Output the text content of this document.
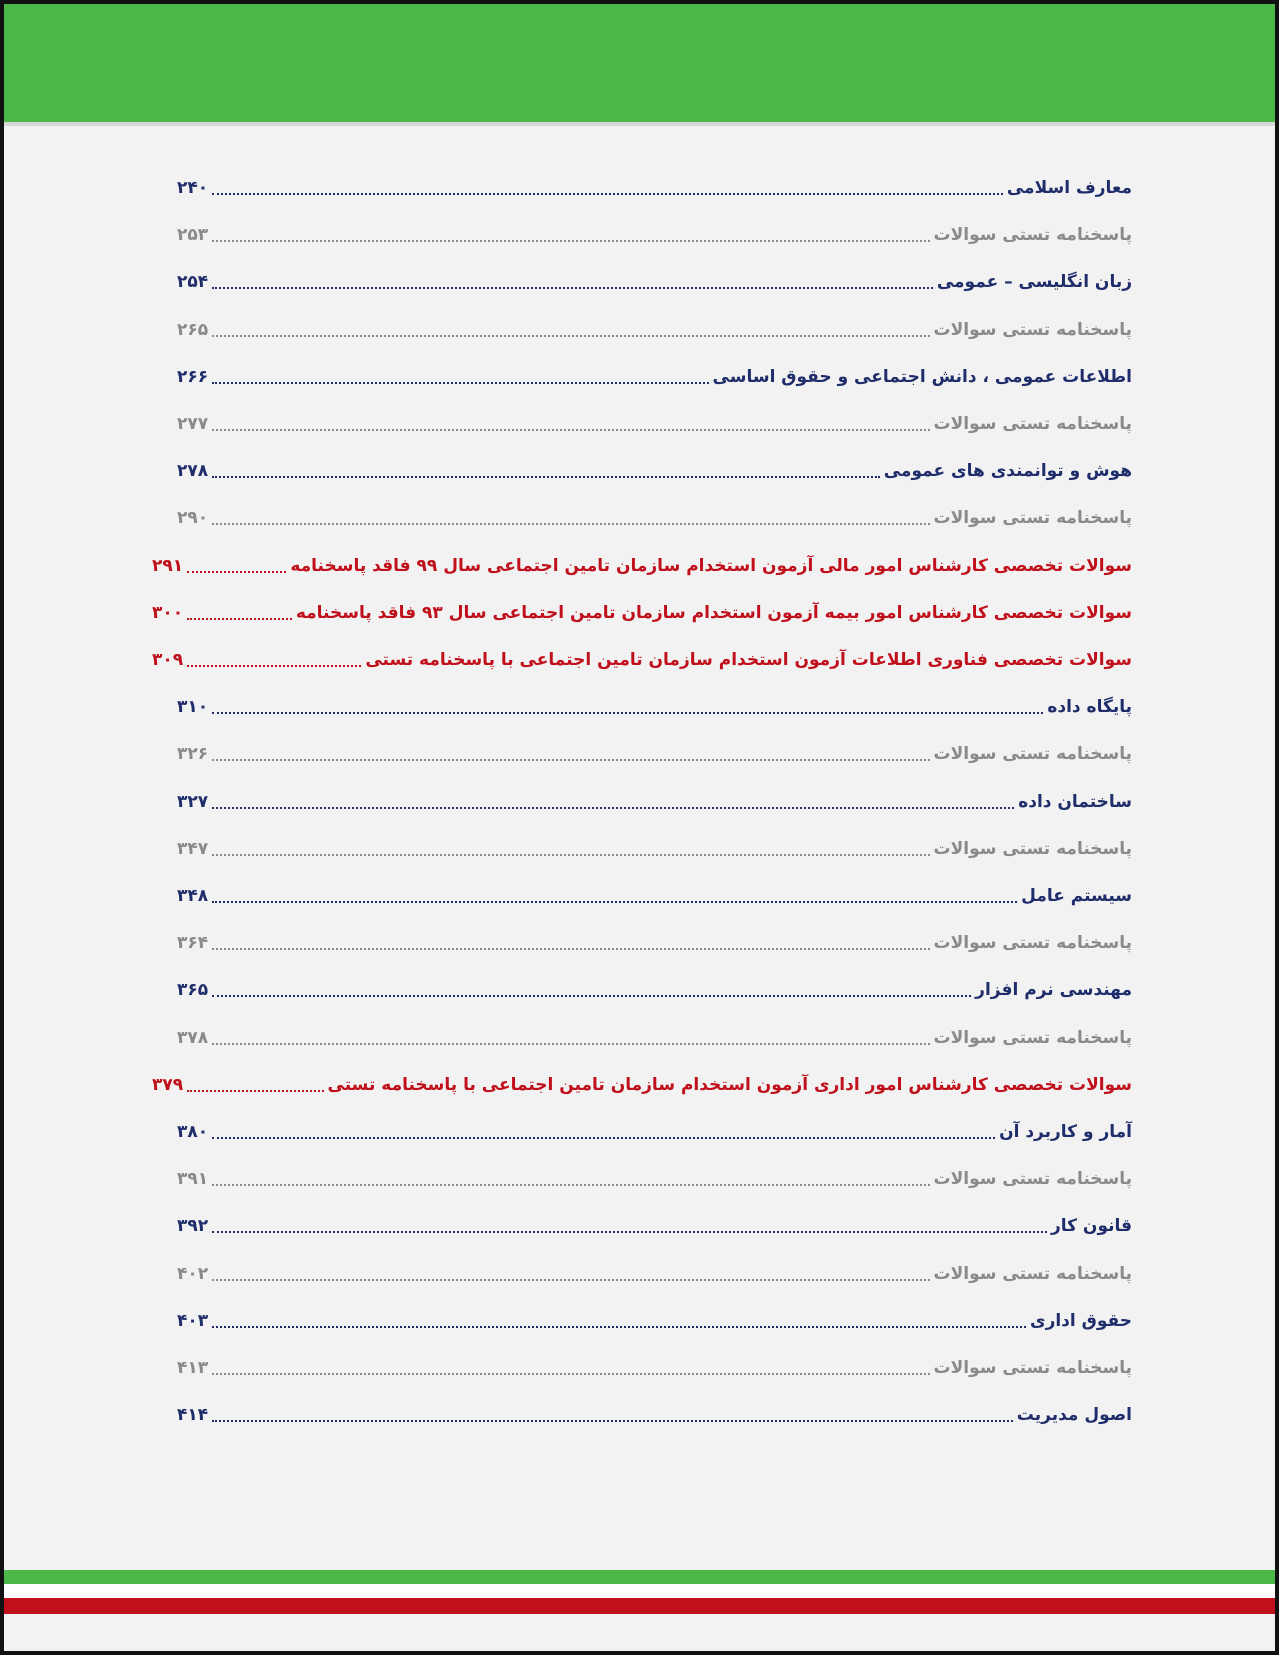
معارف اسلامی
۲۴۰
پاسخنامه تستی سوالات
۲۵۳
زبان انگلیسی – عمومی
۲۵۴
پاسخنامه تستی سوالات
۲۶۵
اطلاعات عمومی ، دانش اجتماعی و حقوق اساسی
۲۶۶
پاسخنامه تستی سوالات
۲۷۷
هوش و توانمندی های عمومی
۲۷۸
پاسخنامه تستی سوالات
۲۹۰
سوالات تخصصی کارشناس امور مالی آزمون استخدام سازمان تامین اجتماعی سال ۹۹ فاقد پاسخنامه
۲۹۱
سوالات تخصصی کارشناس امور بیمه آزمون استخدام سازمان تامین اجتماعی سال ۹۳ فاقد پاسخنامه
۳۰۰
سوالات تخصصی فناوری اطلاعات آزمون استخدام سازمان تامین اجتماعی با پاسخنامه تستی
۳۰۹
پایگاه داده
۳۱۰
پاسخنامه تستی سوالات
۳۲۶
ساختمان داده
۳۲۷
پاسخنامه تستی سوالات
۳۴۷
سیستم عامل
۳۴۸
پاسخنامه تستی سوالات
۳۶۴
مهندسی نرم افزار
۳۶۵
پاسخنامه تستی سوالات
۳۷۸
سوالات تخصصی کارشناس امور اداری آزمون استخدام سازمان تامین اجتماعی با پاسخنامه تستی
۳۷۹
آمار و کاربرد آن
۳۸۰
پاسخنامه تستی سوالات
۳۹۱
قانون کار
۳۹۲
پاسخنامه تستی سوالات
۴۰۲
حقوق اداری
۴۰۳
پاسخنامه تستی سوالات
۴۱۳
اصول مدیریت
۴۱۴
